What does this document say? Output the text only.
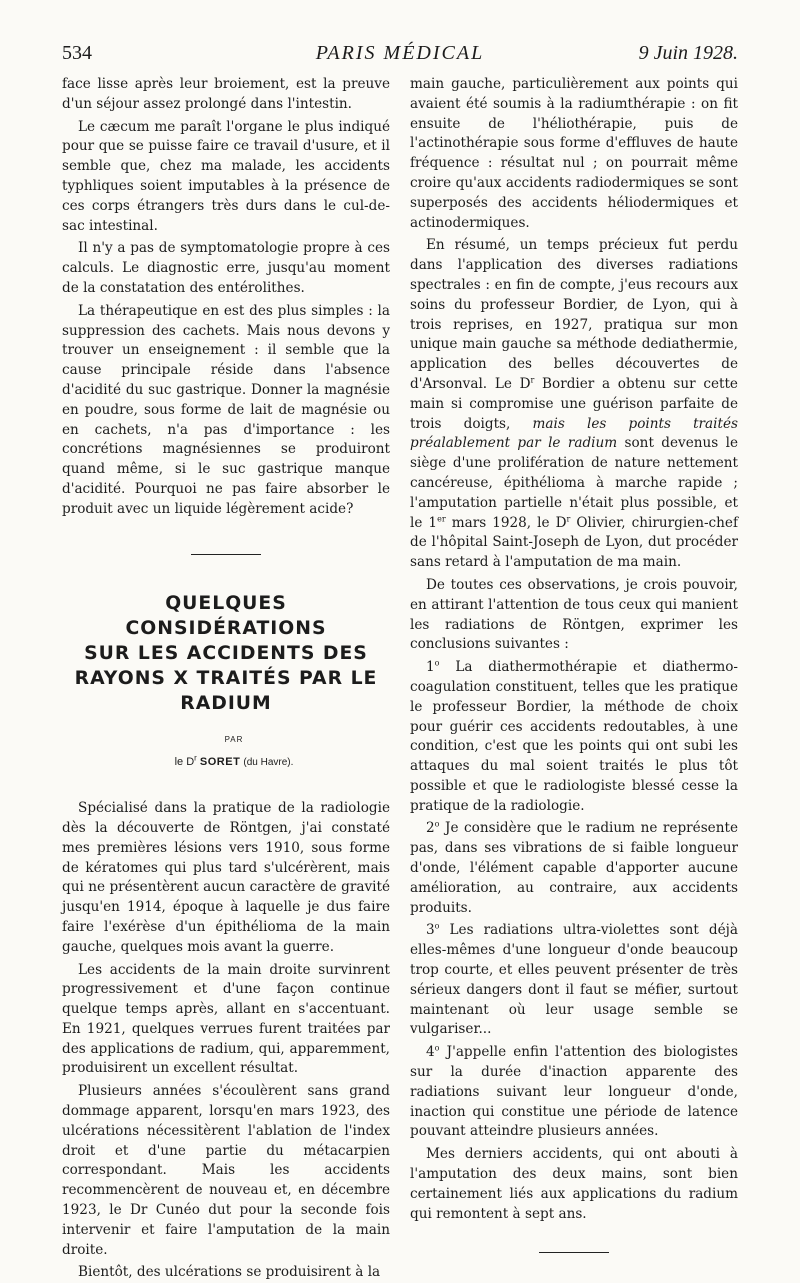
534	PARIS MÉDICAL	9 Juin 1928.

face lisse après leur broiement, est la preuve d'un séjour assez prolongé dans l'intestin.

Le cæcum me paraît l'organe le plus indiqué pour que se puisse faire ce travail d'usure, et il semble que, chez ma malade, les accidents typhliques soient imputables à la présence de ces corps étrangers très durs dans le cul-de-sac intestinal.

Il n'y a pas de symptomatologie propre à ces calculs. Le diagnostic erre, jusqu'au moment de la constatation des entérolithes.

La thérapeutique en est des plus simples : la suppression des cachets. Mais nous devons y trouver un enseignement : il semble que la cause principale réside dans l'absence d'acidité du suc gastrique. Donner la magnésie en poudre, sous forme de lait de magnésie ou en cachets, n'a pas d'importance : les concrétions magnésiennes se produiront quand même, si le suc gastrique manque d'acidité. Pourquoi ne pas faire absorber le produit avec un liquide légèrement acide?

QUELQUES CONSIDÉRATIONS
SUR LES ACCIDENTS DES
RAYONS X TRAITÉS PAR LE
RADIUM

PAR

le $D^r$ SORET (du Havre).

Spécialisé dans la pratique de la radiologie dès la découverte de Röntgen, j'ai constaté mes premières lésions vers 1910, sous forme de kératomes qui plus tard s'ulcérèrent, mais qui ne présentèrent aucun caractère de gravité jusqu'en 1914, époque à laquelle je dus faire faire l'exérèse d'un épithélioma de la main gauche, quelques mois avant la guerre.

Les accidents de la main droite survinrent progressivement et d'une façon continue quelque temps après, allant en s'accentuant. En 1921, quelques verrues furent traitées par des applications de radium, qui, apparemment, produisirent un excellent résultat.

Plusieurs années s'écoulèrent sans grand dommage apparent, lorsqu'en mars 1923, des ulcérations nécessitèrent l'ablation de l'index droit et d'une partie du métacarpien correspondant. Mais les accidents recommencèrent de nouveau et, en décembre 1923, le Dr Cunéo dut pour la seconde fois intervenir et faire l'amputation de la main droite.

Bientôt, des ulcérations se produisirent à la

main gauche, particulièrement aux points qui avaient été soumis à la radiumthérapie : on fit ensuite de l'héliothérapie, puis de l'actinothérapie sous forme d'effluves de haute fréquence : résultat nul ; on pourrait même croire qu'aux accidents radiodermiques se sont superposés des accidents héliodermiques et actinodermiques.

En résumé, un temps précieux fut perdu dans l'application des diverses radiations spectrales : en fin de compte, j'eus recours aux soins du professeur Bordier, de Lyon, qui à trois reprises, en 1927, pratiqua sur mon unique main gauche sa méthode dediathermie, application des belles découvertes de d'Arsonval. Le $D^r$ Bordier a obtenu sur cette main si compromise une guérison parfaite de trois doigts, mais les points traités préalablement par le radium sont devenus le siège d'une prolifération de nature nettement cancéreuse, épithélioma à marche rapide ; l'amputation partielle n'était plus possible, et le 1er mars 1928, le $D^r$ Olivier, chirurgien-chef de l'hôpital Saint-Joseph de Lyon, dut procéder sans retard à l'amputation de ma main.

De toutes ces observations, je crois pouvoir, en attirant l'attention de tous ceux qui manient les radiations de Röntgen, exprimer les conclusions suivantes :

1$^o$ La diathermothérapie et diathermo-coagulation constituent, telles que les pratique le professeur Bordier, la méthode de choix pour guérir ces accidents redoutables, à une condition, c'est que les points qui ont subi les attaques du mal soient traités le plus tôt possible et que le radiologiste blessé cesse la pratique de la radiologie.

2$^o$ Je considère que le radium ne représente pas, dans ses vibrations de si faible longueur d'onde, l'élément capable d'apporter aucune amélioration, au contraire, aux accidents produits.

3$^o$ Les radiations ultra-violettes sont déjà elles-mêmes d'une longueur d'onde beaucoup trop courte, et elles peuvent présenter de très sérieux dangers dont il faut se méfier, surtout maintenant où leur usage semble se vulgariser...

4$^o$ J'appelle enfin l'attention des biologistes sur la durée d'inaction apparente des radiations suivant leur longueur d'onde, inaction qui constitue une période de latence pouvant atteindre plusieurs années.

Mes derniers accidents, qui ont abouti à l'amputation des deux mains, sont bien certainement liés aux applications du radium qui remontent à sept ans.
